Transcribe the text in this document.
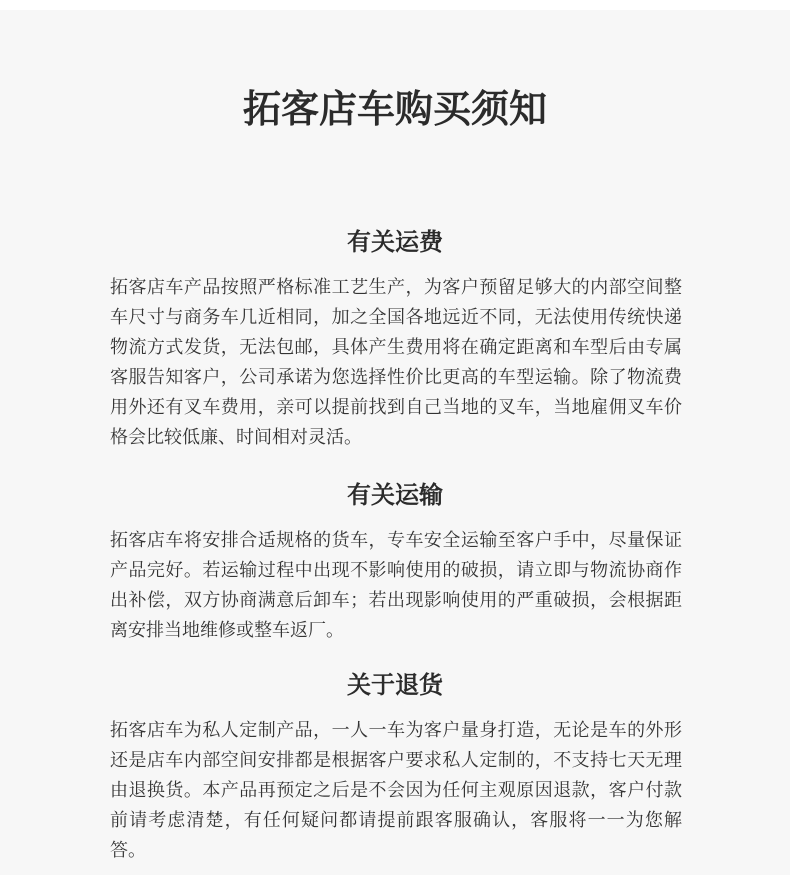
拓客店车购买须知
有关运费

拓客店车产品按照严格标准工艺生产，为客户预留足够大的内部空间整车尺寸与商务车几近相同，加之全国各地远近不同，无法使用传统快递物流方式发货，无法包邮，具体产生费用将在确定距离和车型后由专属客服告知客户，公司承诺为您选择性价比更高的车型运输。除了物流费用外还有叉车费用，亲可以提前找到自己当地的叉车，当地雇佣叉车价格会比较低廉、时间相对灵活。

有关运输

拓客店车将安排合适规格的货车，专车安全运输至客户手中，尽量保证产品完好。若运输过程中出现不影响使用的破损，请立即与物流协商作出补偿，双方协商满意后卸车；若出现影响使用的严重破损，会根据距离安排当地维修或整车返厂。

关于退货

拓客店车为私人定制产品，一人一车为客户量身打造，无论是车的外形还是店车内部空间安排都是根据客户要求私人定制的，不支持七天无理由退换货。本产品再预定之后是不会因为任何主观原因退款，客户付款前请考虑清楚，有任何疑问都请提前跟客服确认，客服将一一为您解答。
